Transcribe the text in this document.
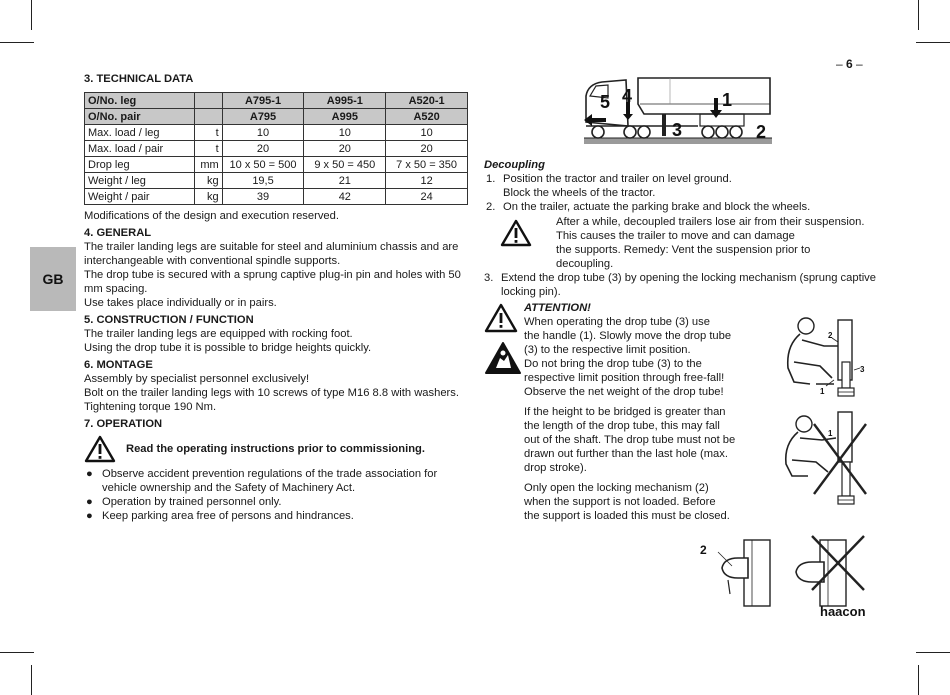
– 6 –
GB
3. TECHNICAL DATA
O/No. leg		A795-1	A995-1	A520-1
O/No. pair		A795	A995	A520
Max. load / leg	t	10	10	10
Max. load / pair	t	20	20	20
Drop leg	mm	10 x 50 = 500	9 x 50 = 450	7 x 50 = 350
Weight / leg	kg	19,5	21	12
Weight / pair	kg	39	42	24

Modifications of the design and execution reserved.

4. GENERAL

The trailer landing legs are suitable for steel and aluminium chassis and are interchangeable with conventional spindle supports.

The drop tube is secured with a sprung captive plug-in pin and holes with 50 mm spacing.

Use takes place individually or in pairs.

5. CONSTRUCTION / FUNCTION

The trailer landing legs are equipped with rocking foot.

Using the drop tube it is possible to bridge heights quickly.

6. MONTAGE

Assembly by specialist personnel exclusively!

Bolt on the trailer landing legs with 10 screws of type M16 8.8 with washers. Tightening torque 190 Nm.

7. OPERATION
Read the operating instructions prior to commissioning.
● Observe accident prevention regulations of the trade association for vehicle ownership and the Safety of Machinery Act.
● Operation by trained personnel only.
● Keep parking area free of persons and hindrances.
5 4	1
3	2
Decoupling
1. Position the tractor and trailer on level ground.
Block the wheels of the tractor.
2. On the trailer, actuate the parking brake and block the wheels.
After a while, decoupled trailers lose air from their suspension.
This causes the trailer to move and can damage
the supports. Remedy: Vent the suspension prior to
decoupling.
3. Extend the drop tube (3) by opening the locking mechanism (sprung captive locking pin).
ATTENTION!
When operating the drop tube (3) use
the handle (1). Slowly move the drop tube
(3) to the respective limit position.
Do not bring the drop tube (3) to the
respective limit position through free-fall!
Observe the net weight of the drop tube!
If the height to be bridged is greater than
the length of the drop tube, this may fall
out of the shaft. The drop tube must not be
drawn out further than the last hole (max.
drop stroke).
Only open the locking mechanism (2)
when the support is not loaded. Before
the support is loaded this must be closed.
2
3
1
1
2
haacon
